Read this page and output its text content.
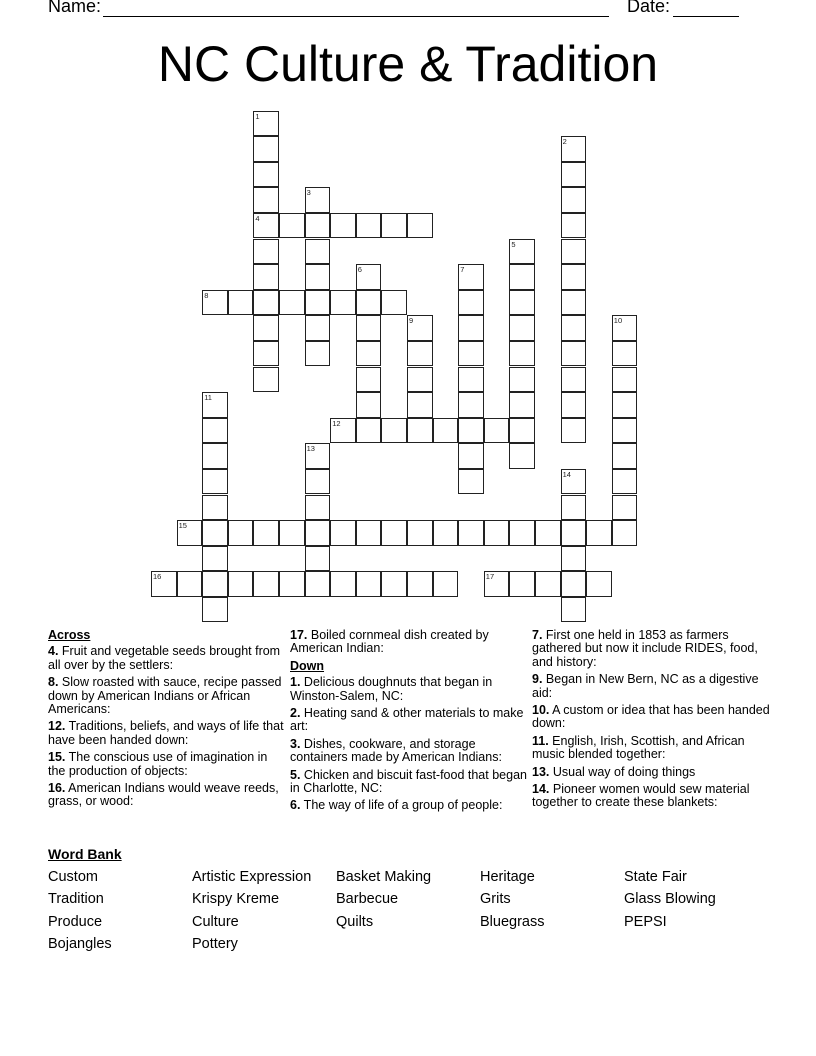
Name:	Date:
NC Culture & Tradition
1
4
2
3
5
6	7
8
9	10
11
12
13
14
15
16	17
Across
4. Fruit and vegetable seeds brought from all over by the settlers:
8. Slow roasted with sauce, recipe passed down by American Indians or African Americans:
12. Traditions, beliefs, and ways of life that have been handed down:
15. The conscious use of imagination in the production of objects:
16. American Indians would weave reeds, grass, or wood:
17. Boiled cornmeal dish created by American Indian:
Down
1. Delicious doughnuts that began in Winston-Salem, NC:
2. Heating sand & other materials to make art:
3. Dishes, cookware, and storage containers made by American Indians:
5. Chicken and biscuit fast-food that began in Charlotte, NC:
6. The way of life of a group of people:
7. First one held in 1853 as farmers gathered but now it include RIDES, food, and history:
9. Began in New Bern, NC as a digestive aid:
10. A custom or idea that has been handed down:
11. English, Irish, Scottish, and African music blended together:
13. Usual way of doing things
14. Pioneer women would sew material together to create these blankets:
Word Bank
Custom
Tradition
Produce
Bojangles
Artistic Expression
Krispy Kreme
Culture
Pottery
Basket Making
Barbecue
Quilts
Heritage
Grits
Bluegrass
State Fair
Glass Blowing
PEPSI
